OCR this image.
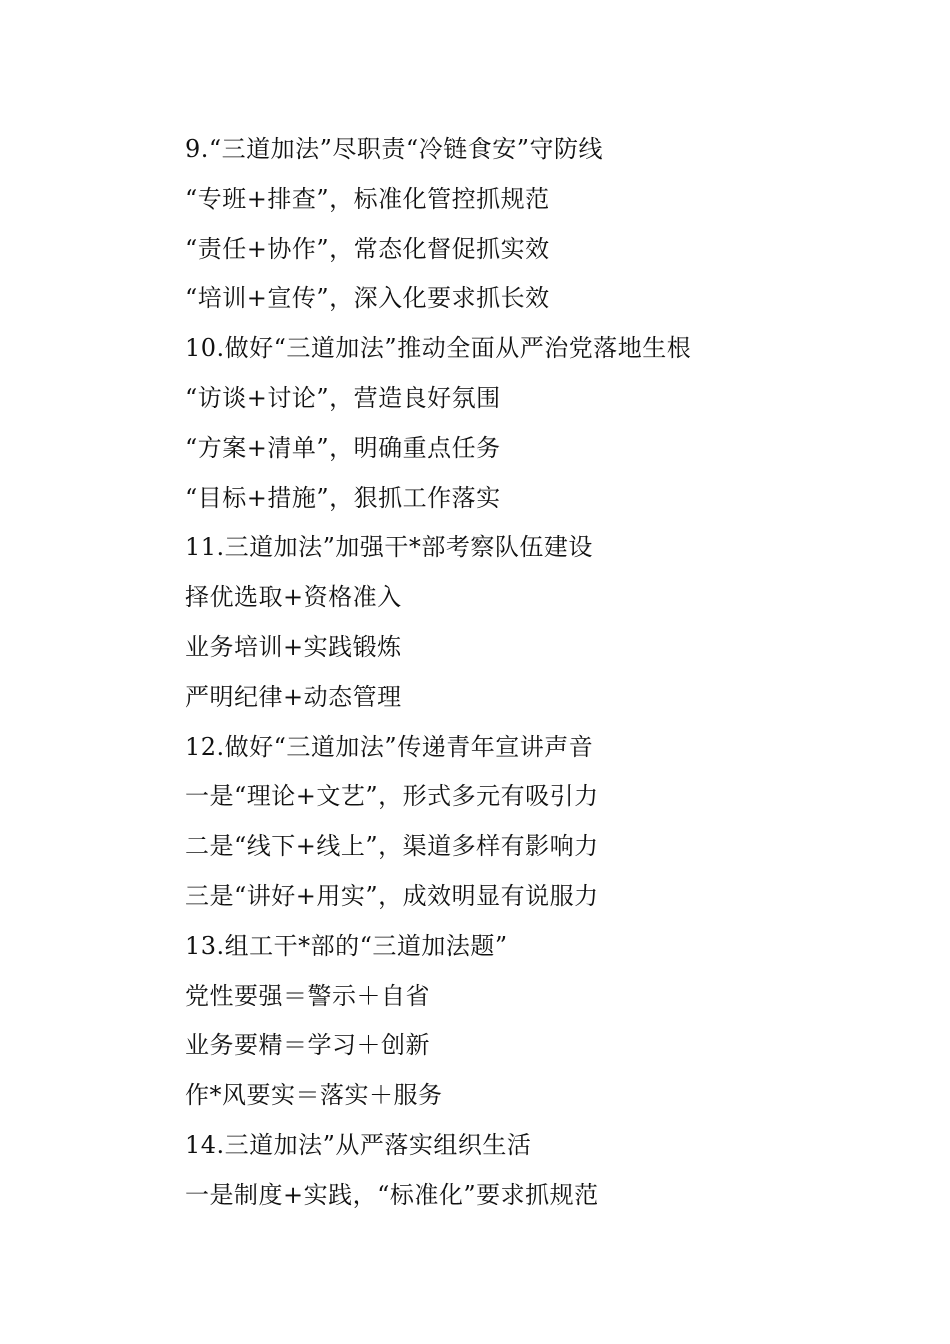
9.“三道加法”尽职责“冷链食安”守防线
“专班+排查”，标准化管控抓规范
“责任+协作”，常态化督促抓实效
“培训+宣传”，深入化要求抓长效
10.做好“三道加法”推动全面从严治党落地生根
“访谈+讨论”，营造良好氛围
“方案+清单”，明确重点任务
“目标+措施”，狠抓工作落实
11.三道加法”加强干*部考察队伍建设
择优选取+资格准入
业务培训+实践锻炼
严明纪律+动态管理
12.做好“三道加法”传递青年宣讲声音
一是“理论+文艺”，形式多元有吸引力
二是“线下+线上”，渠道多样有影响力
三是“讲好+用实”，成效明显有说服力
13.组工干*部的“三道加法题”
党性要强＝警示＋自省
业务要精＝学习＋创新
作*风要实＝落实＋服务
14.三道加法”从严落实组织生活
一是制度+实践，“标准化”要求抓规范
